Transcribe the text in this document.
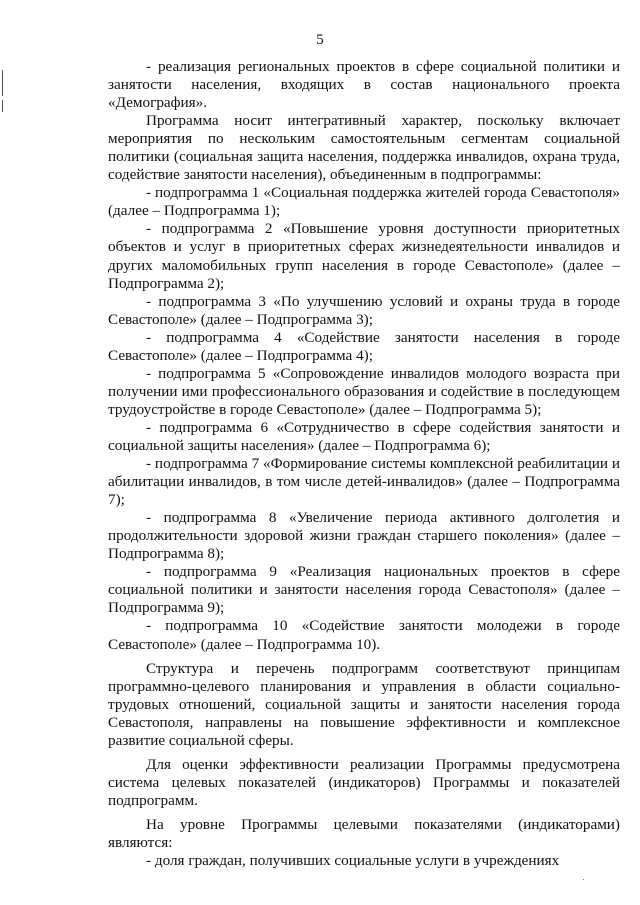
5

- реализация региональных проектов в сфере социальной политики и занятости населения, входящих в состав национального проекта «Демография».

Программа носит интегративный характер, поскольку включает мероприятия по нескольким самостоятельным сегментам социальной политики (социальная защита населения, поддержка инвалидов, охрана труда, содействие занятости населения), объединенным в подпрограммы:

- подпрограмма 1 «Социальная поддержка жителей города Севастополя» (далее – Подпрограмма 1);

- подпрограмма 2 «Повышение уровня доступности приоритетных объектов и услуг в приоритетных сферах жизнедеятельности инвалидов и других маломобильных групп населения в городе Севастополе» (далее – Подпрограмма 2);

- подпрограмма 3 «По улучшению условий и охраны труда в городе Севастополе» (далее – Подпрограмма 3);

- подпрограмма 4 «Содействие занятости населения в городе Севастополе» (далее – Подпрограмма 4);

- подпрограмма 5 «Сопровождение инвалидов молодого возраста при получении ими профессионального образования и содействие в последующем трудоустройстве в городе Севастополе» (далее – Подпрограмма 5);

- подпрограмма 6 «Сотрудничество в сфере содействия занятости и социальной защиты населения» (далее – Подпрограмма 6);

- подпрограмма 7 «Формирование системы комплексной реабилитации и абилитации инвалидов, в том числе детей-инвалидов» (далее – Подпрограмма 7);

- подпрограмма 8 «Увеличение периода активного долголетия и продолжительности здоровой жизни граждан старшего поколения» (далее – Подпрограмма 8);

- подпрограмма 9 «Реализация национальных проектов в сфере социальной политики и занятости населения города Севастополя» (далее – Подпрограмма 9);

- подпрограмма 10 «Содействие занятости молодежи в городе Севастополе» (далее – Подпрограмма 10).

Структура и перечень подпрограмм соответствуют принципам программно-целевого планирования и управления в области социально-трудовых отношений, социальной защиты и занятости населения города Севастополя, направлены на повышение эффективности и комплексное развитие социальной сферы.

Для оценки эффективности реализации Программы предусмотрена система целевых показателей (индикаторов) Программы и показателей подпрограмм.

На уровне Программы целевыми показателями (индикаторами) являются:

- доля граждан, получивших социальные услуги в учреждениях
